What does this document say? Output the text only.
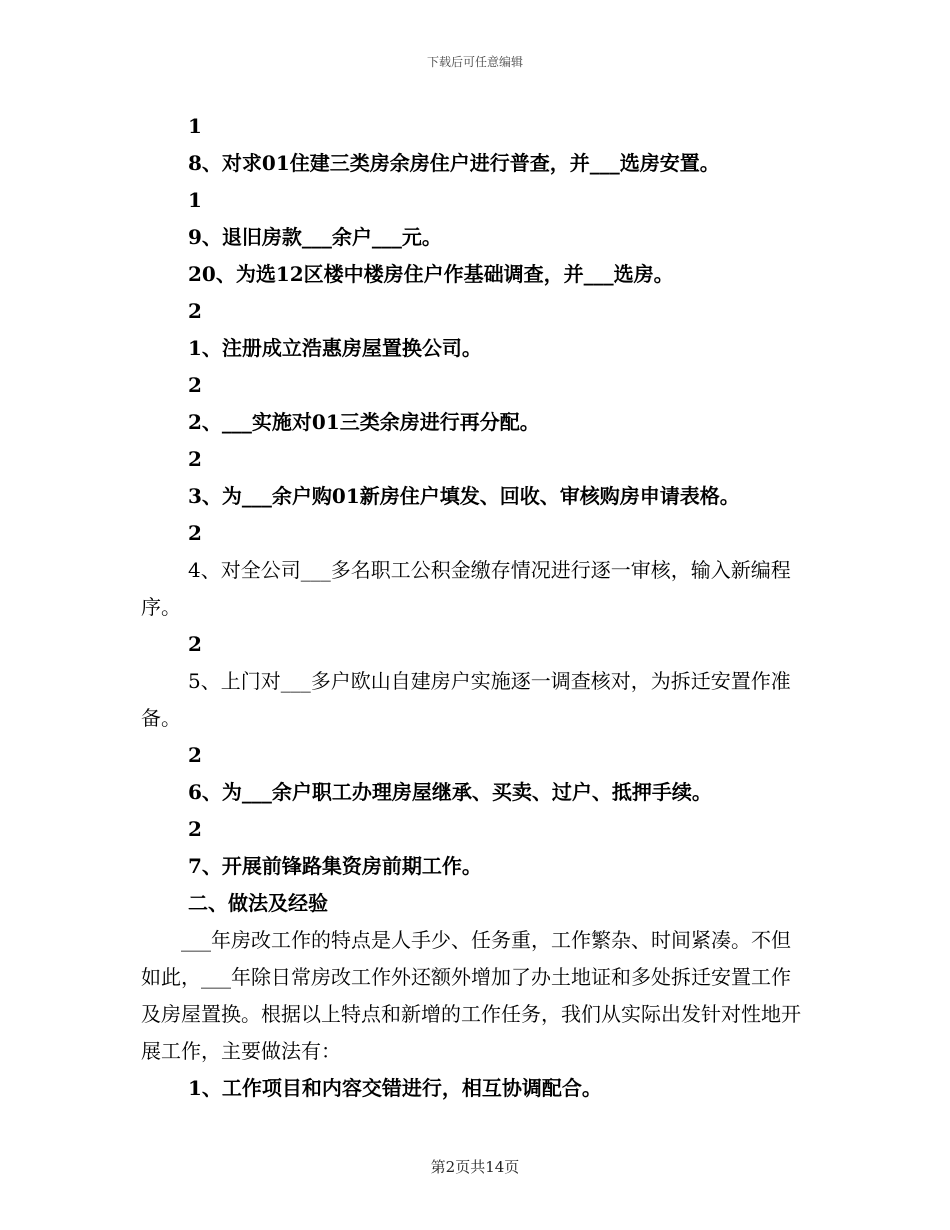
下载后可任意编辑
1
8、对求01住建三类房余房住户进行普查，并___选房安置。
1
9、退旧房款___余户___元。
20、为选12区楼中楼房住户作基础调查，并___选房。
2
1、注册成立浩惠房屋置换公司。
2
2、___实施对01三类余房进行再分配。
2
3、为___余户购01新房住户填发、回收、审核购房申请表格。
2
4、对全公司___多名职工公积金缴存情况进行逐一审核，输入新编程序。
2
5、上门对___多户欧山自建房户实施逐一调查核对，为拆迁安置作准备。
2
6、为___余户职工办理房屋继承、买卖、过户、抵押手续。
2
7、开展前锋路集资房前期工作。
二、做法及经验
___年房改工作的特点是人手少、任务重，工作繁杂、时间紧凑。不但如此，___年除日常房改工作外还额外增加了办土地证和多处拆迁安置工作及房屋置换。根据以上特点和新增的工作任务，我们从实际出发针对性地开展工作，主要做法有：
1、工作项目和内容交错进行，相互协调配合。
第2页共14页
